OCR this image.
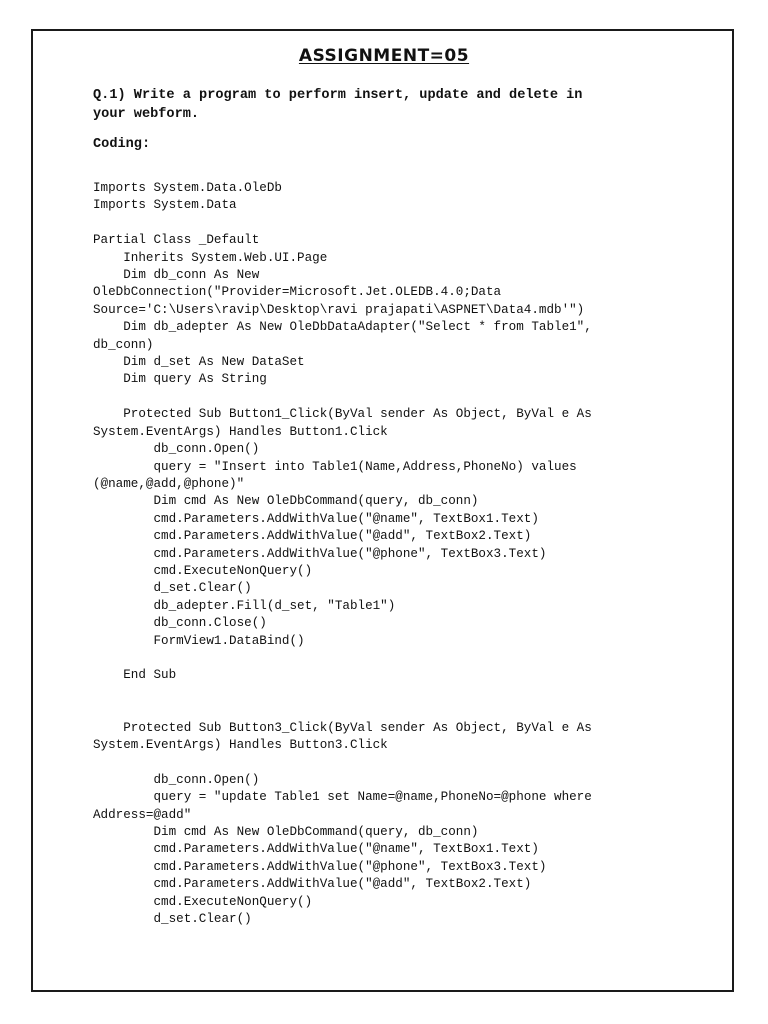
ASSIGNMENT=05
Q.1) Write a program to perform insert, update and delete in
your webform.
Coding:
Imports System.Data.OleDb
Imports System.Data

Partial Class _Default
Inherits System.Web.UI.Page
Dim db_conn As New
OleDbConnection("Provider=Microsoft.Jet.OLEDB.4.0;Data
Source='C:\Users\ravip\Desktop\ravi prajapati\ASPNET\Data4.mdb'")
Dim db_adepter As New OleDbDataAdapter("Select * from Table1",
db_conn)
Dim d_set As New DataSet
Dim query As String

Protected Sub Button1_Click(ByVal sender As Object, ByVal e As
System.EventArgs) Handles Button1.Click
db_conn.Open()
query = "Insert into Table1(Name,Address,PhoneNo) values
(@name,@add,@phone)"
Dim cmd As New OleDbCommand(query, db_conn)
cmd.Parameters.AddWithValue("@name", TextBox1.Text)
cmd.Parameters.AddWithValue("@add", TextBox2.Text)
cmd.Parameters.AddWithValue("@phone", TextBox3.Text)
cmd.ExecuteNonQuery()
d_set.Clear()
db_adepter.Fill(d_set, "Table1")
db_conn.Close()
FormView1.DataBind()

End Sub

Protected Sub Button3_Click(ByVal sender As Object, ByVal e As
System.EventArgs) Handles Button3.Click

db_conn.Open()
query = "update Table1 set Name=@name,PhoneNo=@phone where
Address=@add"
Dim cmd As New OleDbCommand(query, db_conn)
cmd.Parameters.AddWithValue("@name", TextBox1.Text)
cmd.Parameters.AddWithValue("@phone", TextBox3.Text)
cmd.Parameters.AddWithValue("@add", TextBox2.Text)
cmd.ExecuteNonQuery()
d_set.Clear()
